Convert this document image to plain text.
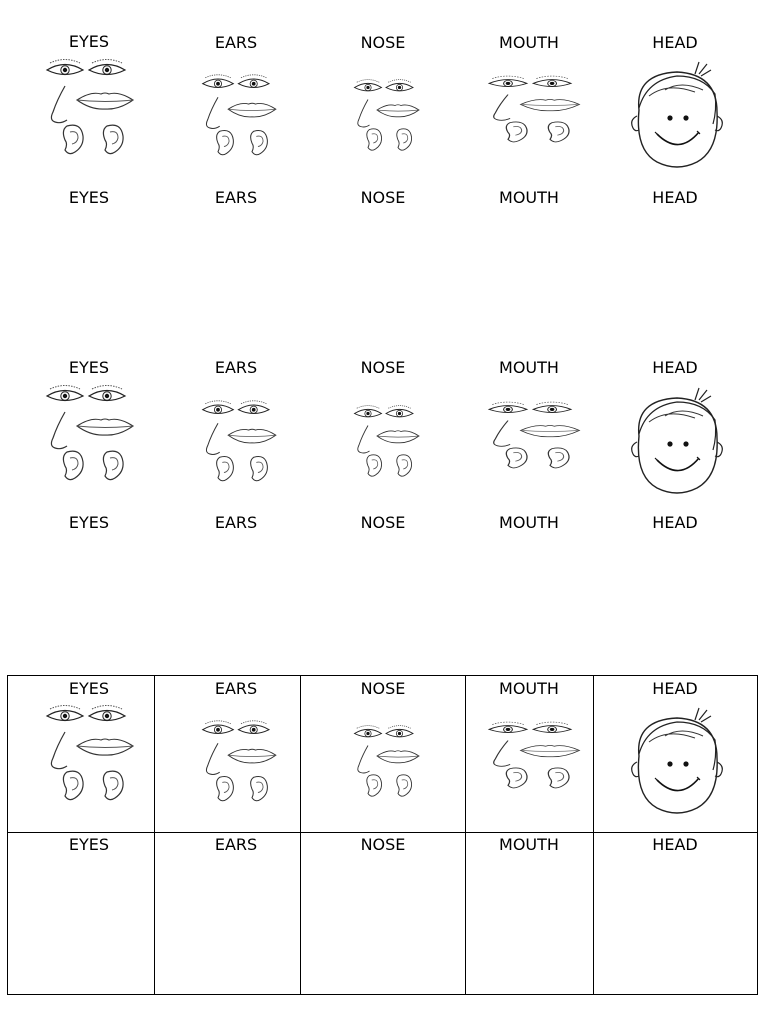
EYES	EARS	NOSE	MOUTH	HEAD
EYES	EARS	NOSE	MOUTH	HEAD
EYES	EARS	NOSE	MOUTH	HEAD
EYES	EARS	NOSE	MOUTH	HEAD
EYES	EARS	NOSE	MOUTH	HEAD
EYES	EARS	NOSE	MOUTH	HEAD
